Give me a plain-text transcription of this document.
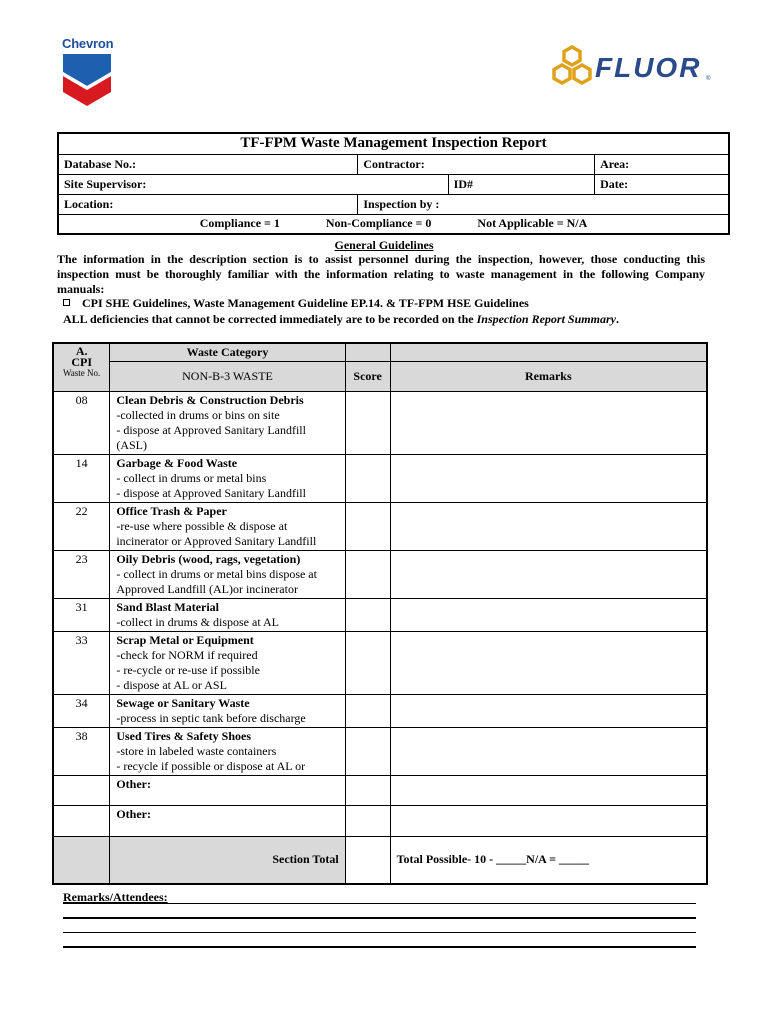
Chevron
FLUOR ®
TF-FPM Waste Management Inspection Report			
Database No.:	Contractor:		Area:
Site Supervisor:		ID#	Date:
Location:	Inspection by :		

Compliance = 1 Non-Compliance = 0 Not Applicable = N/A			
General Guidelines
The information in the description section is to assist personnel during the inspection, however, those conducting this inspection must be thoroughly familiar with the information relating to waste management in the following Company manuals:
CPI SHE Guidelines, Waste Management Guideline EP.14. & TF-FPM HSE Guidelines
ALL deficiencies that cannot be corrected immediately are to be recorded on the Inspection Report Summary.
A.
CPI
Waste No.	Waste Category		
	NON-B-3 WASTE	Score	Remarks
08	Clean Debris & Construction Debris
-collected in drums or bins on site
- dispose at Approved Sanitary Landfill
(ASL)		

14	Garbage & Food Waste
- collect in drums or metal bins
- dispose at Approved Sanitary Landfill		

22	Office Trash & Paper
-re-use where possible & dispose at
incinerator or Approved Sanitary Landfill		

23	Oily Debris (wood, rags, vegetation)
- collect in drums or metal bins dispose at
Approved Landfill (AL)or incinerator		

31	Sand Blast Material
-collect in drums & dispose at AL		

33	Scrap Metal or Equipment
-check for NORM if required
- re-cycle or re-use if possible
- dispose at AL or ASL		

34	Sewage or Sanitary Waste
-process in septic tank before discharge		

38	Used Tires & Safety Shoes
-store in labeled waste containers
- recycle if possible or dispose at AL or		

	Other:		
	Other:		
	Section Total		Total Possible- 10 - _____N/A = _____
Remarks/Attendees:
